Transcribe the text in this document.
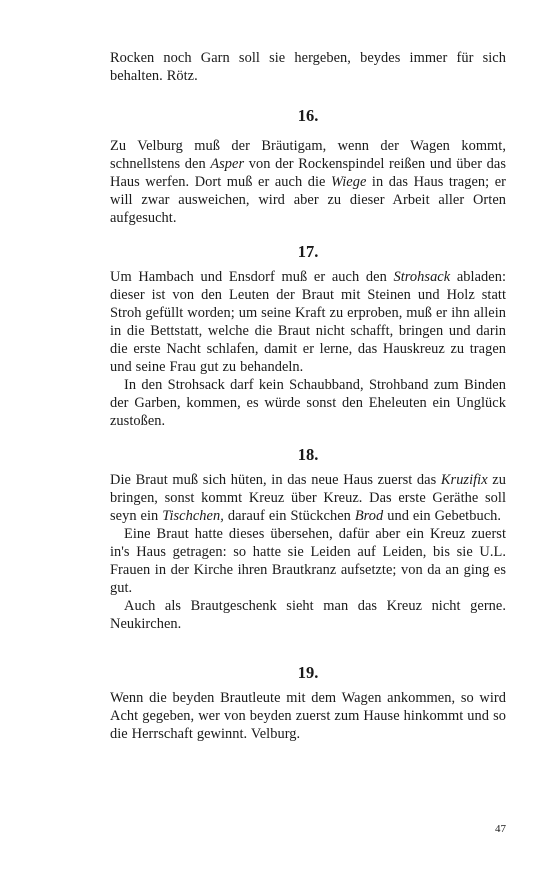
Rocken noch Garn soll sie hergeben, beydes immer für sich behalten. Rötz.

16.

Zu Velburg muß der Bräutigam, wenn der Wagen kommt, schnellstens den Asper von der Rockenspindel reißen und über das Haus werfen. Dort muß er auch die Wiege in das Haus tragen; er will zwar ausweichen, wird aber zu dieser Arbeit aller Orten aufgesucht.

17.

Um Hambach und Ensdorf muß er auch den Strohsack abladen: dieser ist von den Leuten der Braut mit Steinen und Holz statt Stroh gefüllt worden; um seine Kraft zu erproben, muß er ihn allein in die Bettstatt, welche die Braut nicht schafft, bringen und darin die erste Nacht schlafen, damit er lerne, das Hauskreuz zu tragen und seine Frau gut zu behandeln.

In den Strohsack darf kein Schaubband, Strohband zum Binden der Garben, kommen, es würde sonst den Eheleuten ein Unglück zustoßen.

18.

Die Braut muß sich hüten, in das neue Haus zuerst das Kruzifix zu bringen, sonst kommt Kreuz über Kreuz. Das erste Geräthe soll seyn ein Tischchen, darauf ein Stückchen Brod und ein Gebetbuch.

Eine Braut hatte dieses übersehen, dafür aber ein Kreuz zuerst in's Haus getragen: so hatte sie Leiden auf Leiden, bis sie U.L. Frauen in der Kirche ihren Brautkranz aufsetzte; von da an ging es gut.

Auch als Brautgeschenk sieht man das Kreuz nicht gerne. Neukirchen.

19.

Wenn die beyden Brautleute mit dem Wagen ankommen, so wird Acht gegeben, wer von beyden zuerst zum Hause hinkommt und so die Herrschaft gewinnt. Velburg.

47
